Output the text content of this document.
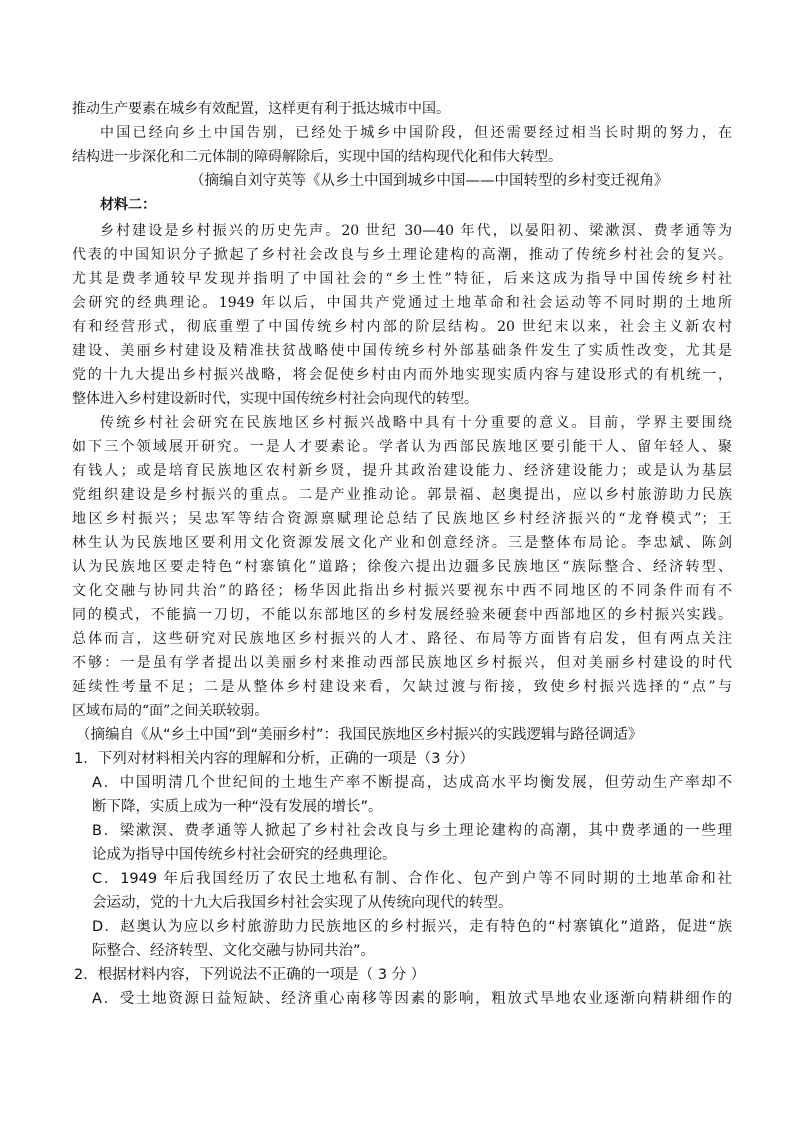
推动生产要素在城乡有效配置，这样更有利于抵达城市中国。
中国已经向乡土中国告别，已经处于城乡中国阶段，但还需要经过相当长时期的努力，在
结构进一步深化和二元体制的障碍解除后，实现中国的结构现代化和伟大转型。
（摘编自刘守英等《从乡土中国到城乡中国——中国转型的乡村变迁视角》
材料二：
乡村建设是乡村振兴的历史先声。20 世纪 30—40 年代，以晏阳初、梁漱溟、费孝通等为
代表的中国知识分子掀起了乡村社会改良与乡土理论建构的高潮，推动了传统乡村社会的复兴。
尤其是费孝通较早发现并指明了中国社会的“乡土性”特征，后来这成为指导中国传统乡村社
会研究的经典理论。1949 年以后，中国共产党通过土地革命和社会运动等不同时期的土地所
有和经营形式，彻底重塑了中国传统乡村内部的阶层结构。20 世纪末以来，社会主义新农村
建设、美丽乡村建设及精准扶贫战略使中国传统乡村外部基础条件发生了实质性改变，尤其是
党的十九大提出乡村振兴战略，将会促使乡村由内而外地实现实质内容与建设形式的有机统一，
整体进入乡村建设新时代，实现中国传统乡村社会向现代的转型。
传统乡村社会研究在民族地区乡村振兴战略中具有十分重要的意义。目前，学界主要围绕
如下三个领域展开研究。一是人才要素论。学者认为西部民族地区要引能干人、留年轻人、聚
有钱人；或是培育民族地区农村新乡贤，提升其政治建设能力、经济建设能力；或是认为基层
党组织建设是乡村振兴的重点。二是产业推动论。郭景福、赵奥提出，应以乡村旅游助力民族
地区乡村振兴；吴忠军等结合资源禀赋理论总结了民族地区乡村经济振兴的“龙脊模式”；王
林生认为民族地区要利用文化资源发展文化产业和创意经济。三是整体布局论。李忠斌、陈剑
认为民族地区要走特色“村寨镇化”道路；徐俊六提出边疆多民族地区“族际整合、经济转型、
文化交融与协同共治”的路径；杨华因此指出乡村振兴要视东中西不同地区的不同条件而有不
同的模式，不能搞一刀切，不能以东部地区的乡村发展经验来硬套中西部地区的乡村振兴实践。
总体而言，这些研究对民族地区乡村振兴的人才、路径、布局等方面皆有启发，但有两点关注
不够：一是虽有学者提出以美丽乡村来推动西部民族地区乡村振兴，但对美丽乡村建设的时代
延续性考量不足；二是从整体乡村建设来看，欠缺过渡与衔接，致使乡村振兴选择的“点”与
区域布局的“面”之间关联较弱。
（摘编自《从“乡土中国”到“美丽乡村”：我国民族地区乡村振兴的实践逻辑与路径调适》
1．下列对材料相关内容的理解和分析，正确的一项是（3 分）
A．中国明清几个世纪间的土地生产率不断提高，达成高水平均衡发展，但劳动生产率却不
断下降，实质上成为一种“没有发展的增长”。
B．梁漱溟、费孝通等人掀起了乡村社会改良与乡土理论建构的高潮，其中费孝通的一些理
论成为指导中国传统乡村社会研究的经典理论。
C．1949 年后我国经历了农民土地私有制、合作化、包产到户等不同时期的土地革命和社
会运动，党的十九大后我国乡村社会实现了从传统向现代的转型。
D．赵奥认为应以乡村旅游助力民族地区的乡村振兴，走有特色的“村寨镇化”道路，促进“族
际整合、经济转型、文化交融与协同共治”。
2．根据材料内容，下列说法不正确的一项是（ 3 分 ）
A．受土地资源日益短缺、经济重心南移等因素的影响，粗放式旱地农业逐渐向精耕细作的
